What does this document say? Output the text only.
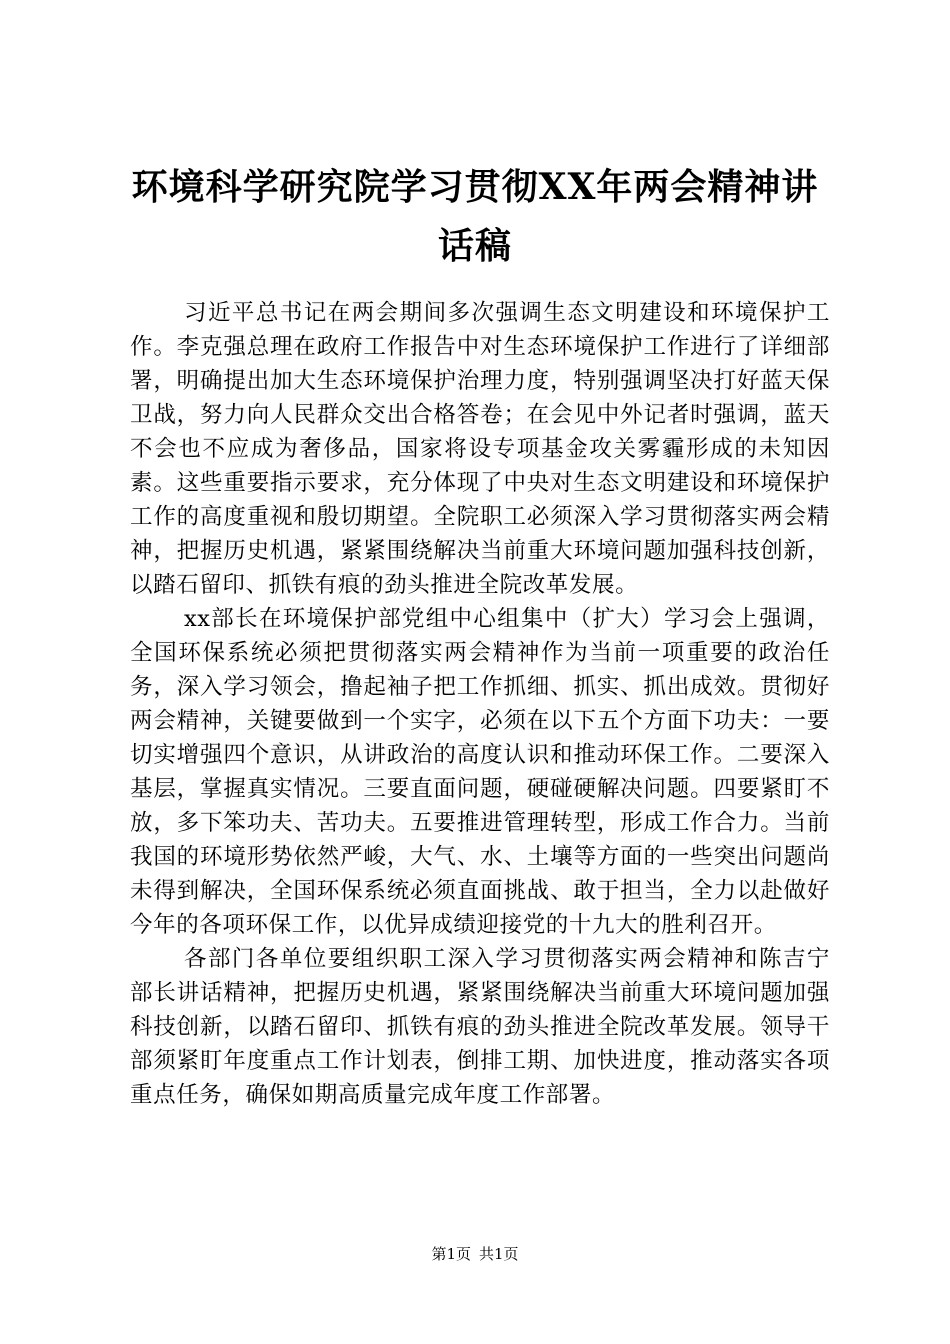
环境科学研究院学习贯彻XX年两会精神讲话稿

习近平总书记在两会期间多次强调生态文明建设和环境保护工作。李克强总理在政府工作报告中对生态环境保护工作进行了详细部署，明确提出加大生态环境保护治理力度，特别强调坚决打好蓝天保卫战，努力向人民群众交出合格答卷；在会见中外记者时强调，蓝天不会也不应成为奢侈品，国家将设专项基金攻关雾霾形成的未知因素。这些重要指示要求，充分体现了中央对生态文明建设和环境保护工作的高度重视和殷切期望。全院职工必须深入学习贯彻落实两会精神，把握历史机遇，紧紧围绕解决当前重大环境问题加强科技创新，以踏石留印、抓铁有痕的劲头推进全院改革发展。

xx部长在环境保护部党组中心组集中（扩大）学习会上强调，全国环保系统必须把贯彻落实两会精神作为当前一项重要的政治任务，深入学习领会，撸起袖子把工作抓细、抓实、抓出成效。贯彻好两会精神，关键要做到一个实字，必须在以下五个方面下功夫：一要切实增强四个意识，从讲政治的高度认识和推动环保工作。二要深入基层，掌握真实情况。三要直面问题，硬碰硬解决问题。四要紧盯不放，多下笨功夫、苦功夫。五要推进管理转型，形成工作合力。当前我国的环境形势依然严峻，大气、水、土壤等方面的一些突出问题尚未得到解决，全国环保系统必须直面挑战、敢于担当，全力以赴做好今年的各项环保工作，以优异成绩迎接党的十九大的胜利召开。

各部门各单位要组织职工深入学习贯彻落实两会精神和陈吉宁部长讲话精神，把握历史机遇，紧紧围绕解决当前重大环境问题加强科技创新，以踏石留印、抓铁有痕的劲头推进全院改革发展。领导干部须紧盯年度重点工作计划表，倒排工期、加快进度，推动落实各项重点任务，确保如期高质量完成年度工作部署。

第1页 共1页
